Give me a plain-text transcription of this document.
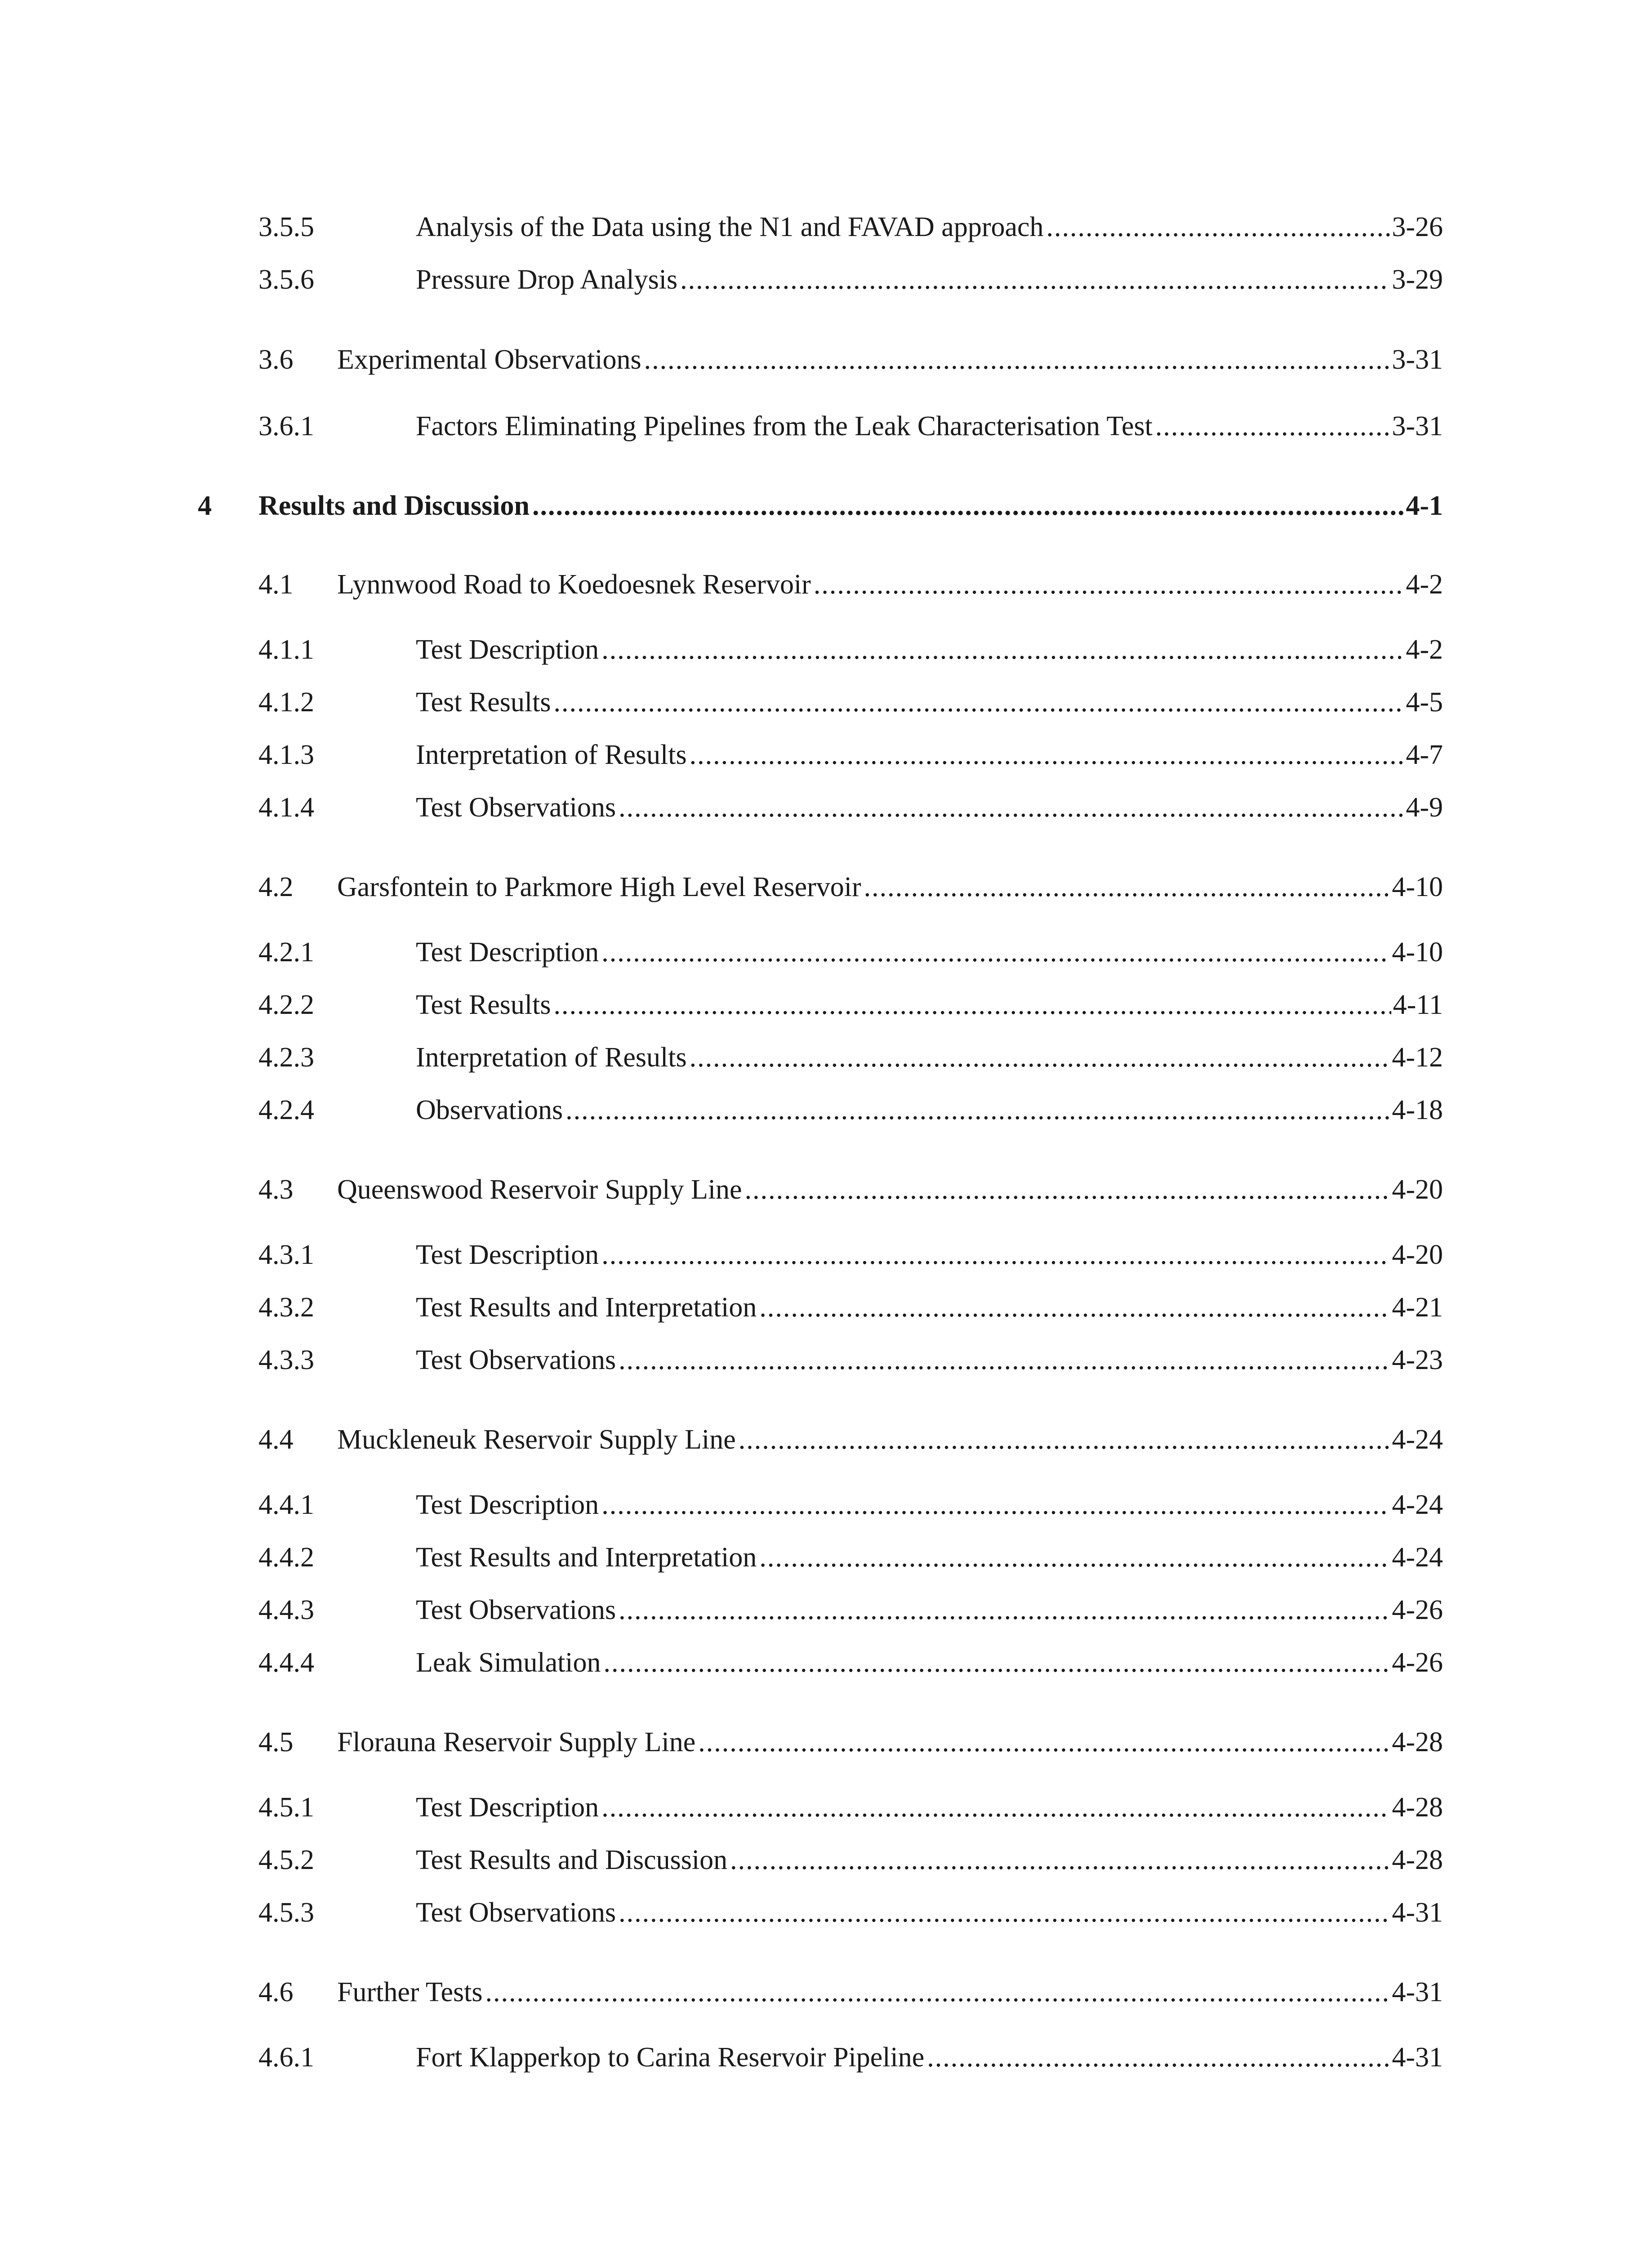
3.5.5	Analysis of the Data using the N1 and FAVAD approach .....	3-26
3.5.6	Pressure Drop Analysis .....	3-29
3.6 Experimental Observations .....	3-31
3.6.1	Factors Eliminating Pipelines from the Leak Characterisation Test .....	3-31
4 Results and Discussion .....	4-1
4.1 Lynnwood Road to Koedoesnek Reservoir .....	4-2
4.1.1	Test Description .....	4-2
4.1.2	Test Results .....	4-5
4.1.3	Interpretation of Results .....	4-7
4.1.4	Test Observations .....	4-9
4.2 Garsfontein to Parkmore High Level Reservoir .....	4-10
4.2.1	Test Description .....	4-10
4.2.2	Test Results .....	4-11
4.2.3	Interpretation of Results .....	4-12
4.2.4	Observations .....	4-18
4.3 Queenswood Reservoir Supply Line .....	4-20
4.3.1	Test Description .....	4-20
4.3.2	Test Results and Interpretation .....	4-21
4.3.3	Test Observations .....	4-23
4.4 Muckleneuk Reservoir Supply Line .....	4-24
4.4.1	Test Description .....	4-24
4.4.2	Test Results and Interpretation .....	4-24
4.4.3	Test Observations .....	4-26
4.4.4	Leak Simulation .....	4-26
4.5 Florauna Reservoir Supply Line .....	4-28
4.5.1	Test Description .....	4-28
4.5.2	Test Results and Discussion .....	4-28
4.5.3	Test Observations .....	4-31
4.6 Further Tests .....	4-31
4.6.1	Fort Klapperkop to Carina Reservoir Pipeline .....	4-31
